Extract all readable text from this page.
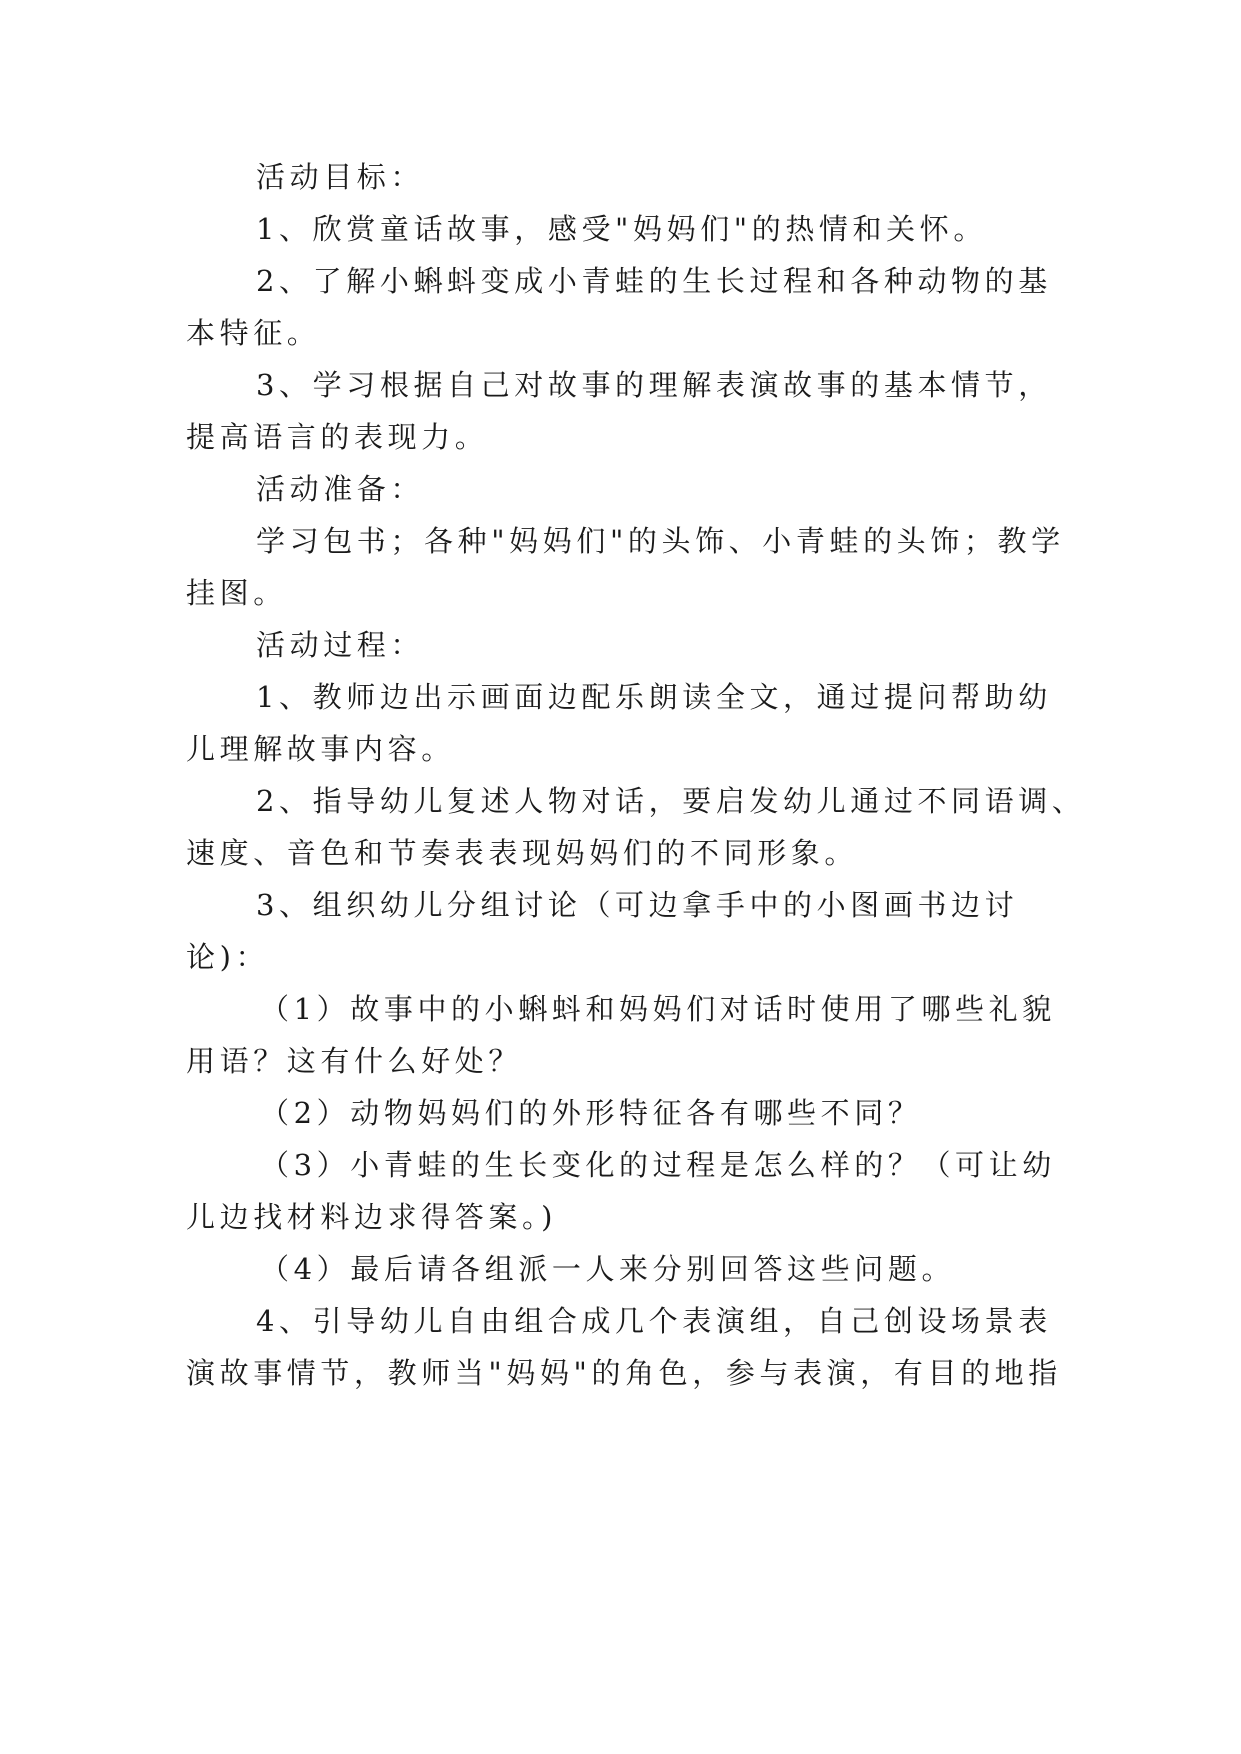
活动目标：
1、欣赏童话故事，感受"妈妈们"的热情和关怀。
2、了解小蝌蚪变成小青蛙的生长过程和各种动物的基
本特征。
3、学习根据自己对故事的理解表演故事的基本情节，
提高语言的表现力。
活动准备：
学习包书；各种"妈妈们"的头饰、小青蛙的头饰；教学
挂图。
活动过程：
1、教师边出示画面边配乐朗读全文，通过提问帮助幼
儿理解故事内容。
2、指导幼儿复述人物对话，要启发幼儿通过不同语调、
速度、音色和节奏表表现妈妈们的不同形象。
3、组织幼儿分组讨论（可边拿手中的小图画书边讨
论)：
（1）故事中的小蝌蚪和妈妈们对话时使用了哪些礼貌
用语？这有什么好处？
（2）动物妈妈们的外形特征各有哪些不同？
（3）小青蛙的生长变化的过程是怎么样的？（可让幼
儿边找材料边求得答案。)
（4）最后请各组派一人来分别回答这些问题。
4、引导幼儿自由组合成几个表演组，自己创设场景表
演故事情节，教师当"妈妈"的角色，参与表演，有目的地指
